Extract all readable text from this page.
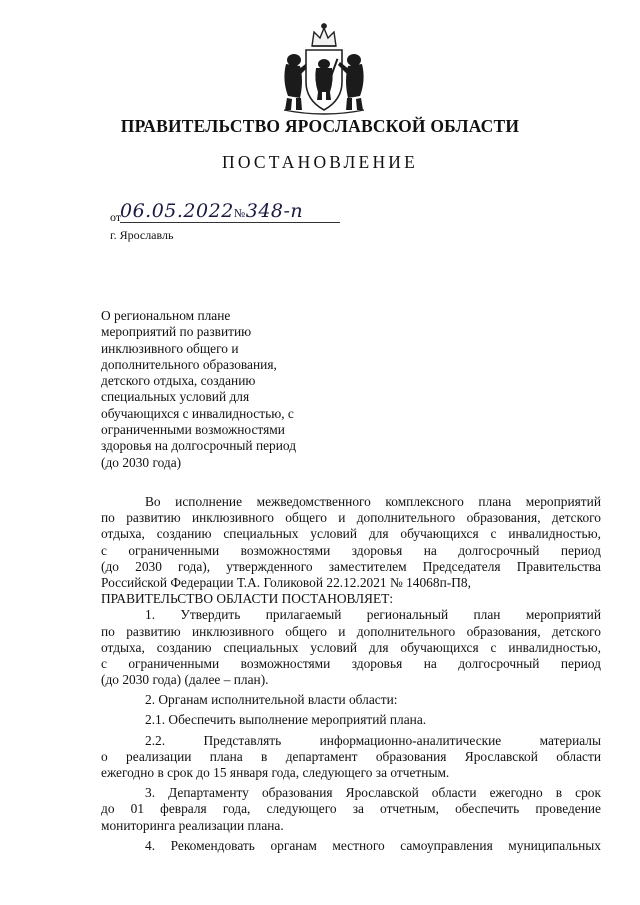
ПРАВИТЕЛЬСТВО ЯРОСЛАВСКОЙ ОБЛАСТИ
ПОСТАНОВЛЕНИЕ
от
06.05.2022№348-п
г. Ярославль
О региональном плане
мероприятий по развитию
инклюзивного общего и
дополнительного образования,
детского отдыха, созданию
специальных условий для
обучающихся с инвалидностью, с
ограниченными возможностями
здоровья на долгосрочный период
(до 2030 года)
Во исполнение межведомственного комплексного плана мероприятий
по развитию инклюзивного общего и дополнительного образования, детского
отдыха, созданию специальных условий для обучающихся с инвалидностью,
с ограниченными возможностями здоровья на долгосрочный период
(до 2030 года), утвержденного заместителем Председателя Правительства
Российской Федерации Т.А. Голиковой 22.12.2021 № 14068п-П8,
ПРАВИТЕЛЬСТВО ОБЛАСТИ ПОСТАНОВЛЯЕТ:
1. Утвердить прилагаемый региональный план мероприятий
по развитию инклюзивного общего и дополнительного образования, детского
отдыха, созданию специальных условий для обучающихся с инвалидностью,
с ограниченными возможностями здоровья на долгосрочный период
(до 2030 года) (далее – план).
2. Органам исполнительной власти области:
2.1. Обеспечить выполнение мероприятий плана.
2.2. Представлять информационно-аналитические материалы
о реализации плана в департамент образования Ярославской области
ежегодно в срок до 15 января года, следующего за отчетным.
3. Департаменту образования Ярославской области ежегодно в срок
до 01 февраля года, следующего за отчетным, обеспечить проведение
мониторинга реализации плана.
4. Рекомендовать органам местного самоуправления муниципальных
